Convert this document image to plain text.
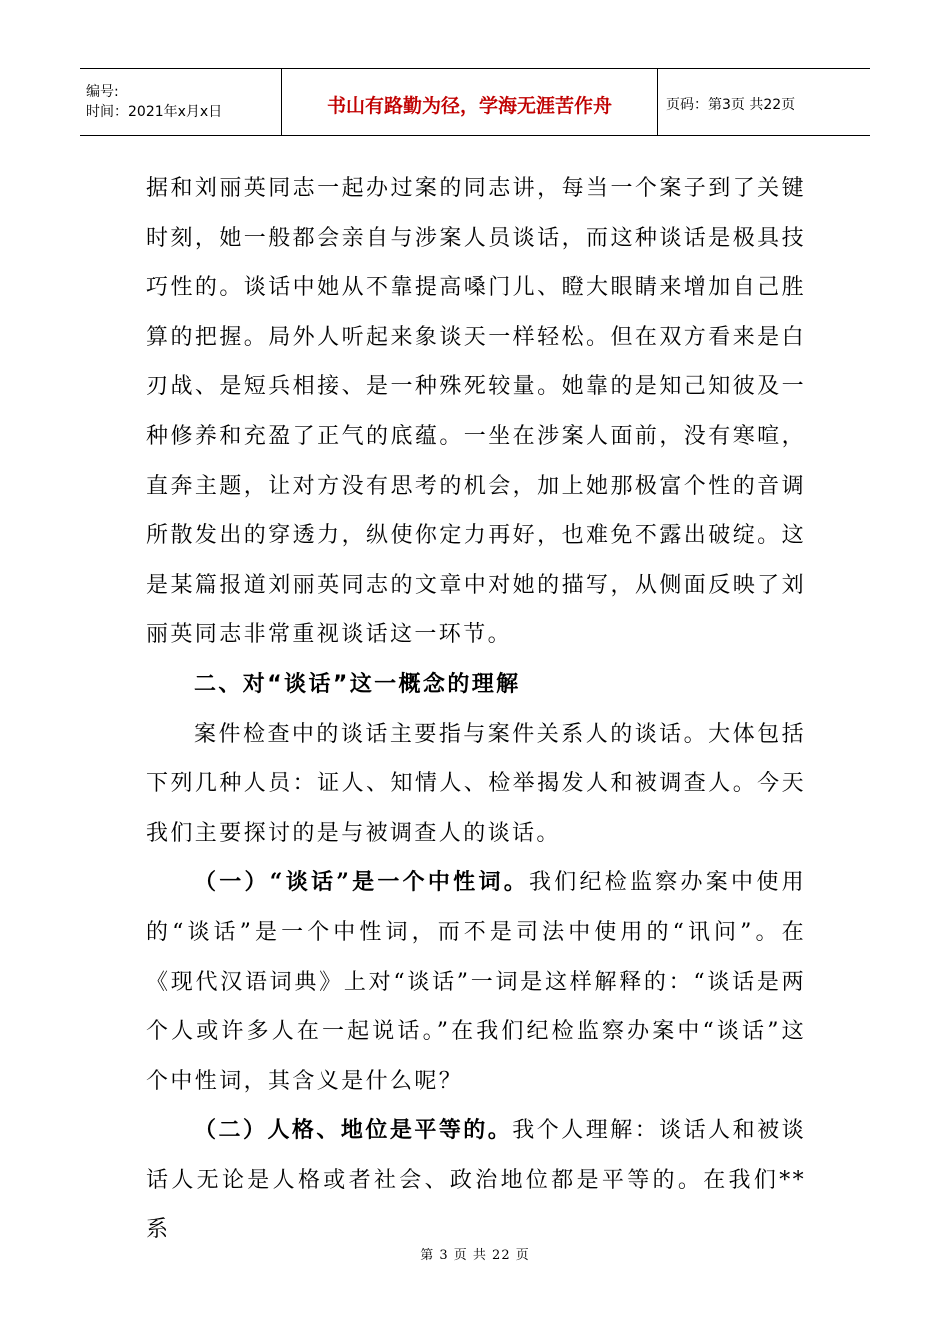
编号:
时间：2021年x月x日	书山有路勤为径，学海无涯苦作舟	页码：第3页 共22页

据和刘丽英同志一起办过案的同志讲，每当一个案子到了关键时刻，她一般都会亲自与涉案人员谈话，而这种谈话是极具技巧性的。谈话中她从不靠提高嗓门儿、瞪大眼睛来增加自己胜算的把握。局外人听起来象谈天一样轻松。但在双方看来是白刃战、是短兵相接、是一种殊死较量。她靠的是知己知彼及一种修养和充盈了正气的底蕴。一坐在涉案人面前，没有寒喧，直奔主题，让对方没有思考的机会，加上她那极富个性的音调所散发出的穿透力，纵使你定力再好，也难免不露出破绽。这是某篇报道刘丽英同志的文章中对她的描写，从侧面反映了刘丽英同志非常重视谈话这一环节。

二、对“谈话”这一概念的理解

案件检查中的谈话主要指与案件关系人的谈话。大体包括下列几种人员：证人、知情人、检举揭发人和被调查人。今天我们主要探讨的是与被调查人的谈话。

（一）“谈话”是一个中性词。我们纪检监察办案中使用的“谈话”是一个中性词，而不是司法中使用的“讯问”。在《现代汉语词典》上对“谈话”一词是这样解释的：“谈话是两个人或许多人在一起说话。”在我们纪检监察办案中“谈话”这个中性词，其含义是什么呢？

（二）人格、地位是平等的。我个人理解：谈话人和被谈话人无论是人格或者社会、政治地位都是平等的。在我们**系

第 3 页 共 22 页
